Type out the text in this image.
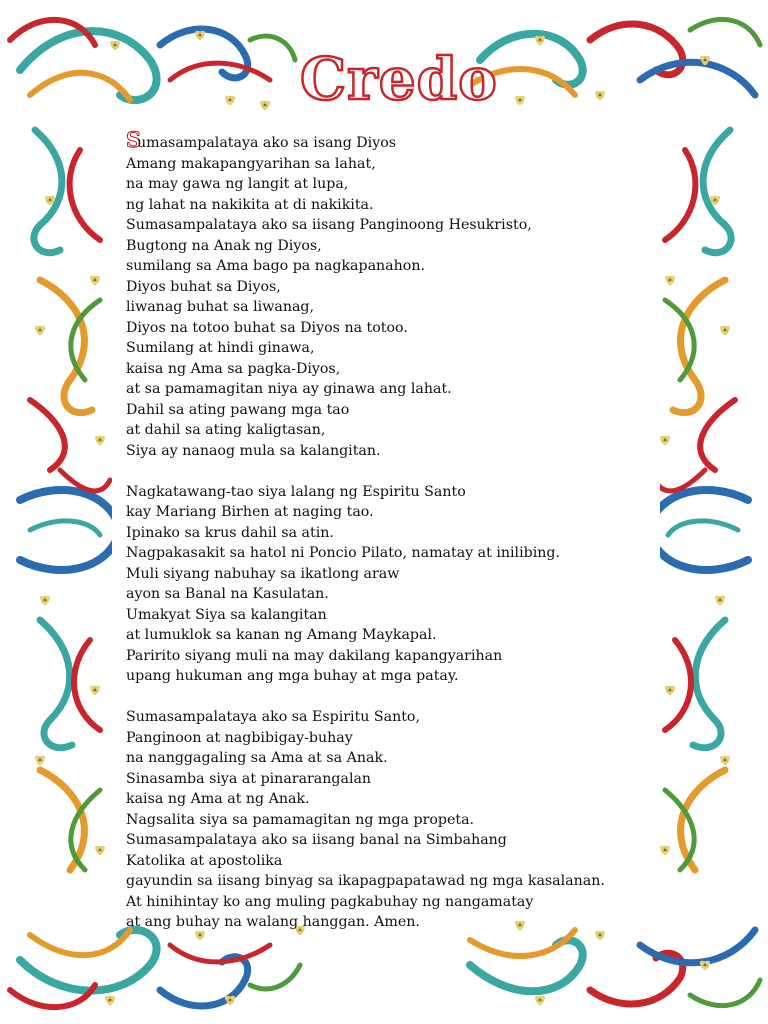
Credo
Sumasampalataya ako sa isang Diyos
Amang makapangyarihan sa lahat,
na may gawa ng langit at lupa,
ng lahat na nakikita at di nakikita.
Sumasampalataya ako sa iisang Panginoong Hesukristo,
Bugtong na Anak ng Diyos,
sumilang sa Ama bago pa nagkapanahon.
Diyos buhat sa Diyos,
liwanag buhat sa liwanag,
Diyos na totoo buhat sa Diyos na totoo.
Sumilang at hindi ginawa,
kaisa ng Ama sa pagka-Diyos,
at sa pamamagitan niya ay ginawa ang lahat.
Dahil sa ating pawang mga tao
at dahil sa ating kaligtasan,
Siya ay nanaog mula sa kalangitan.
Nagkatawang-tao siya lalang ng Espiritu Santo
kay Mariang Birhen at naging tao.
Ipinako sa krus dahil sa atin.
Nagpakasakit sa hatol ni Poncio Pilato, namatay at inilibing.
Muli siyang nabuhay sa ikatlong araw
ayon sa Banal na Kasulatan.
Umakyat Siya sa kalangitan
at lumuklok sa kanan ng Amang Maykapal.
Paririto siyang muli na may dakilang kapangyarihan
upang hukuman ang mga buhay at mga patay.
Sumasampalataya ako sa Espiritu Santo,
Panginoon at nagbibigay-buhay
na nanggagaling sa Ama at sa Anak.
Sinasamba siya at pinararangalan
kaisa ng Ama at ng Anak.
Nagsalita siya sa pamamagitan ng mga propeta.
Sumasampalataya ako sa iisang banal na Simbahang
Katolika at apostolika
gayundin sa iisang binyag sa ikapagpapatawad ng mga kasalanan.
At hinihintay ko ang muling pagkabuhay ng nangamatay
at ang buhay na walang hanggan. Amen.
